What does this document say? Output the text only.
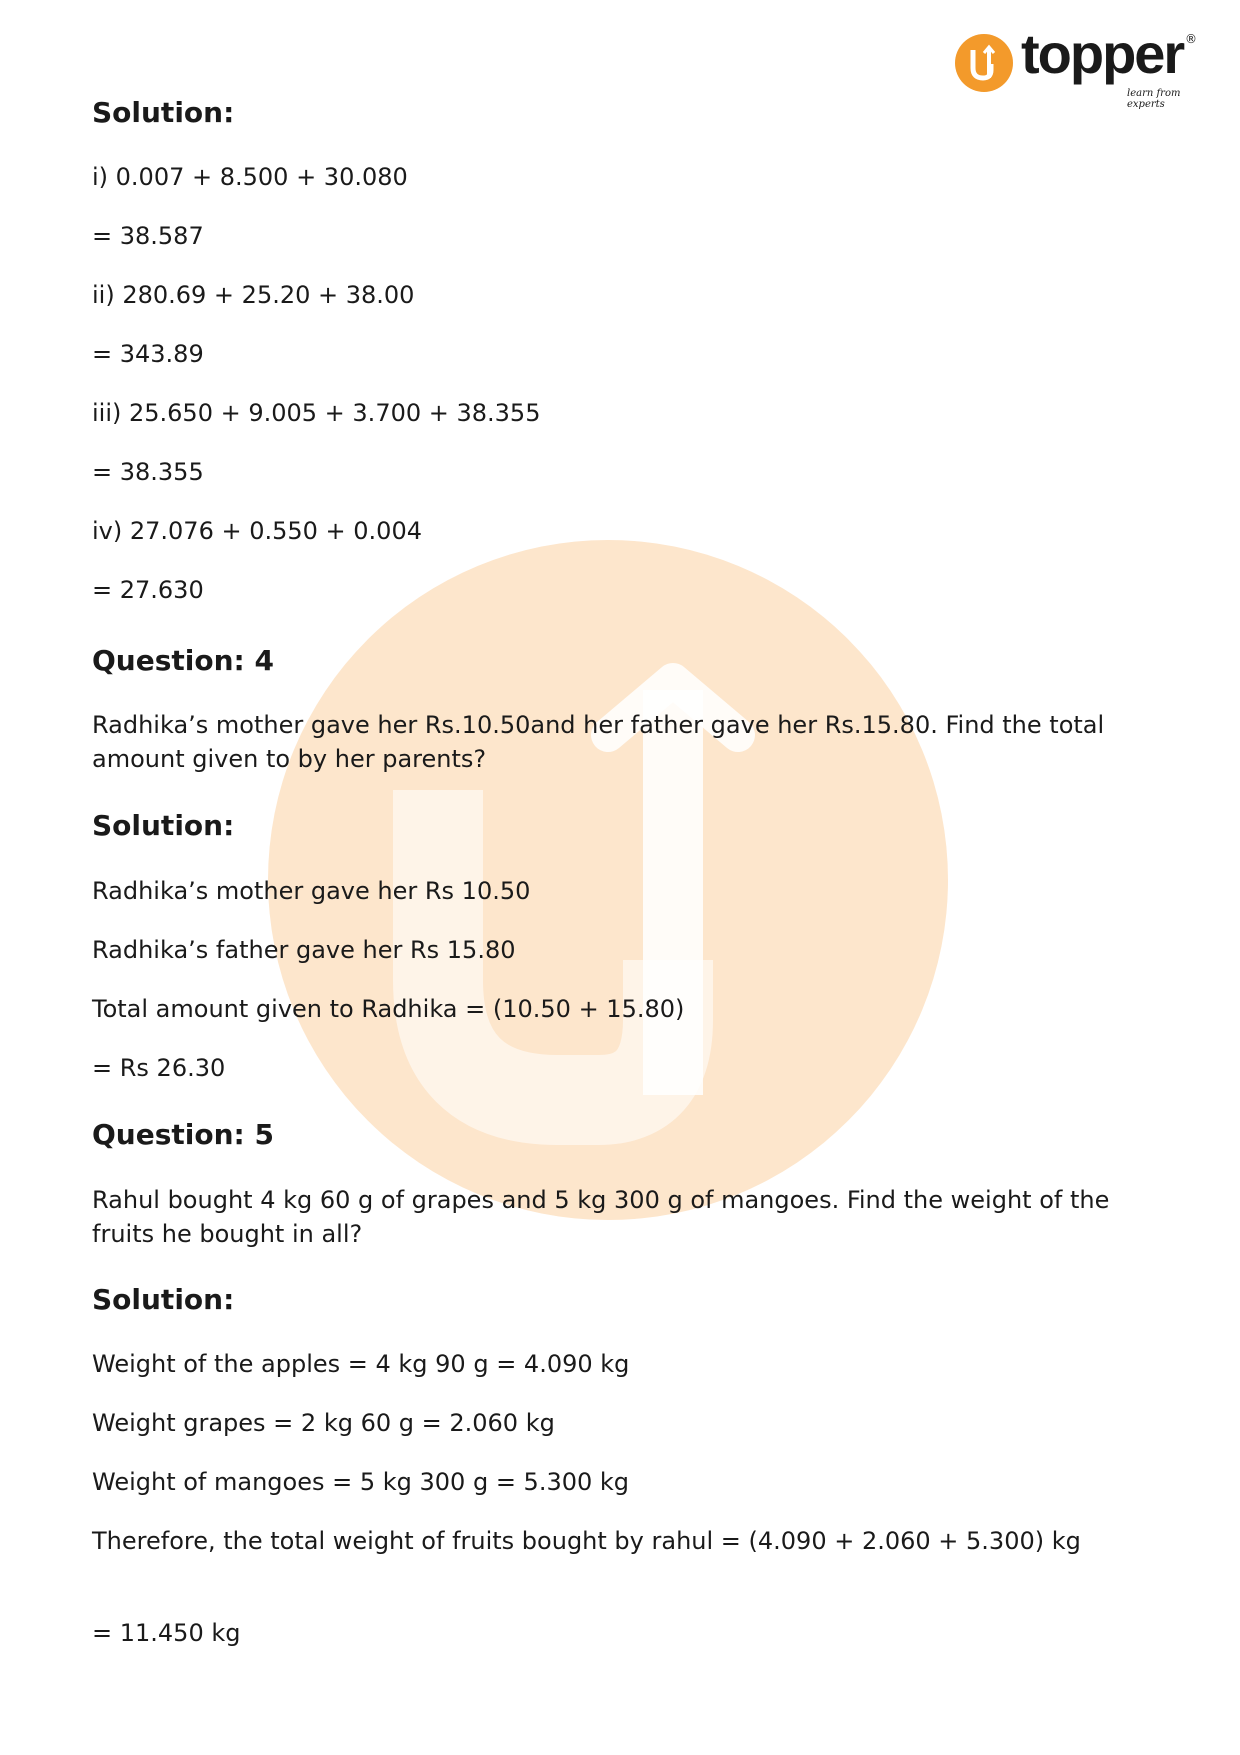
topper
learn from experts
®
Solution:

i) 0.007 + 8.500 + 30.080

= 38.587

ii) 280.69 + 25.20 + 38.00

= 343.89

iii) 25.650 + 9.005 + 3.700 + 38.355

= 38.355

iv) 27.076 + 0.550 + 0.004

= 27.630

Question: 4

Radhika’s mother gave her Rs.10.50and her father gave her Rs.15.80. Find the total amount given to by her parents?

Solution:

Radhika’s mother gave her Rs 10.50

Radhika’s father gave her Rs 15.80

Total amount given to Radhika = (10.50 + 15.80)

= Rs 26.30

Question: 5

Rahul bought 4 kg 60 g of grapes and 5 kg 300 g of mangoes. Find the weight of the fruits he bought in all?

Solution:

Weight of the apples = 4 kg 90 g = 4.090 kg

Weight grapes = 2 kg 60 g = 2.060 kg

Weight of mangoes = 5 kg 300 g = 5.300 kg

Therefore, the total weight of fruits bought by rahul = (4.090 + 2.060 + 5.300) kg

= 11.450 kg
